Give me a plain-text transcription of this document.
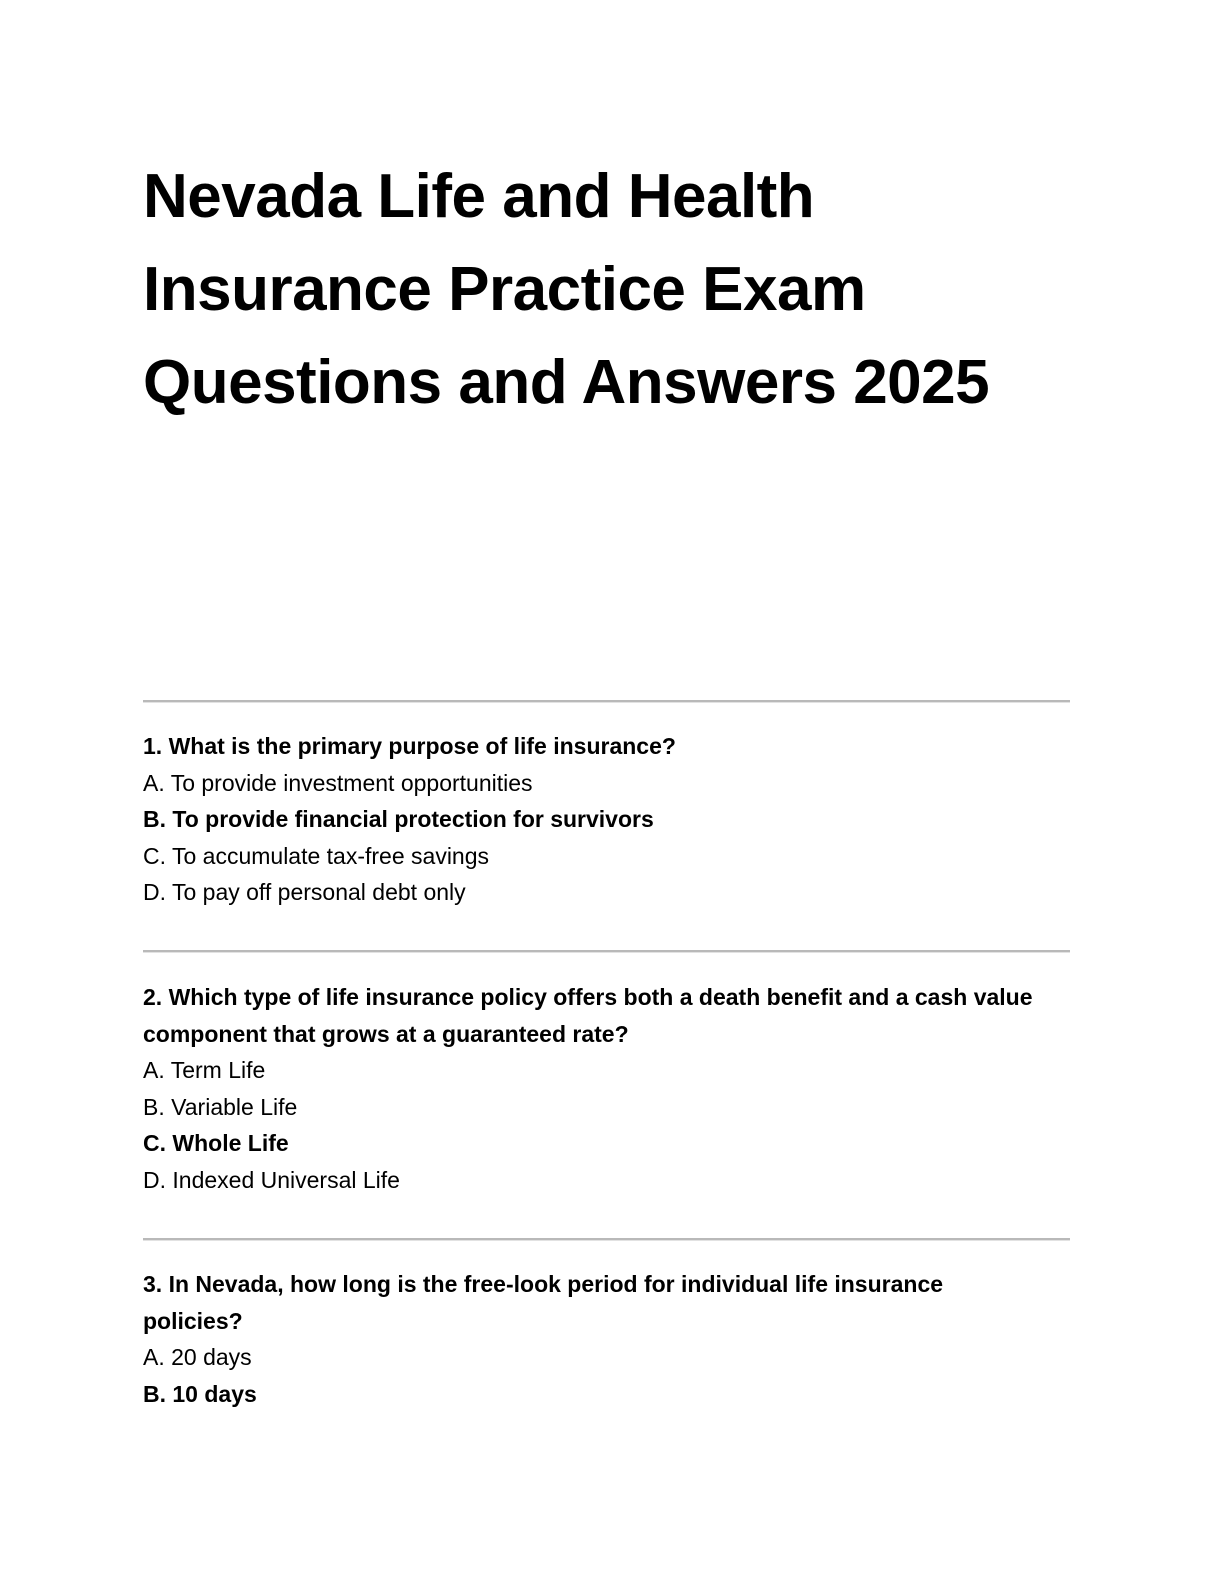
Nevada Life and Health
Insurance Practice Exam
Questions and Answers 2025

1. What is the primary purpose of life insurance?

A. To provide investment opportunities

B. To provide financial protection for survivors

C. To accumulate tax-free savings

D. To pay off personal debt only

2. Which type of life insurance policy offers both a death benefit and a cash value component that grows at a guaranteed rate?

A. Term Life

B. Variable Life

C. Whole Life

D. Indexed Universal Life

3. In Nevada, how long is the free-look period for individual life insurance policies?

A. 20 days

B. 10 days
